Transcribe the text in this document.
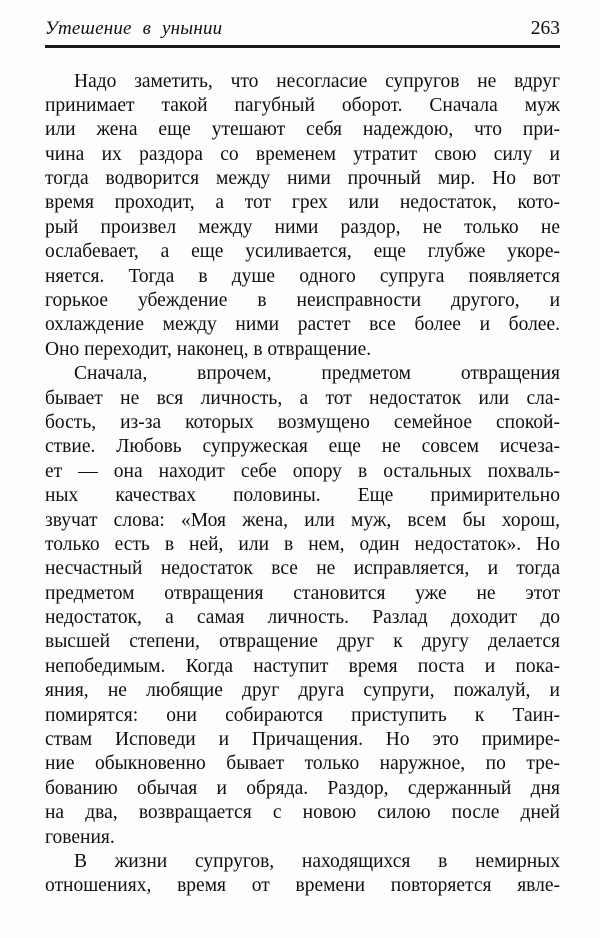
Утешение в унынии	263
Надо заметить, что несогласие супругов не вдруг
принимает такой пагубный оборот. Сначала муж
или жена еще утешают себя надеждою, что при-
чина их раздора со временем утратит свою силу и
тогда водворится между ними прочный мир. Но вот
время проходит, а тот грех или недостаток, кото-
рый произвел между ними раздор, не только не
ослабевает, а еще усиливается, еще глубже укоре-
няется. Тогда в душе одного супруга появляется
горькое убеждение в неисправности другого, и
охлаждение между ними растет все более и более.
Оно переходит, наконец, в отвращение.
Сначала, впрочем, предметом отвращения
бывает не вся личность, а тот недостаток или сла-
бость, из-за которых возмущено семейное спокой-
ствие. Любовь супружеская еще не совсем исчеза-
ет — она находит себе опору в остальных похваль-
ных качествах половины. Еще примирительно
звучат слова: «Моя жена, или муж, всем бы хорош,
только есть в ней, или в нем, один недостаток». Но
несчастный недостаток все не исправляется, и тогда
предметом отвращения становится уже не этот
недостаток, а самая личность. Разлад доходит до
высшей степени, отвращение друг к другу делается
непобедимым. Когда наступит время поста и пока-
яния, не любящие друг друга супруги, пожалуй, и
помирятся: они собираются приступить к Таин-
ствам Исповеди и Причащения. Но это примире-
ние обыкновенно бывает только наружное, по тре-
бованию обычая и обряда. Раздор, сдержанный дня
на два, возвращается с новою силою после дней
говения.
В жизни супругов, находящихся в немирных
отношениях, время от времени повторяется явле-
